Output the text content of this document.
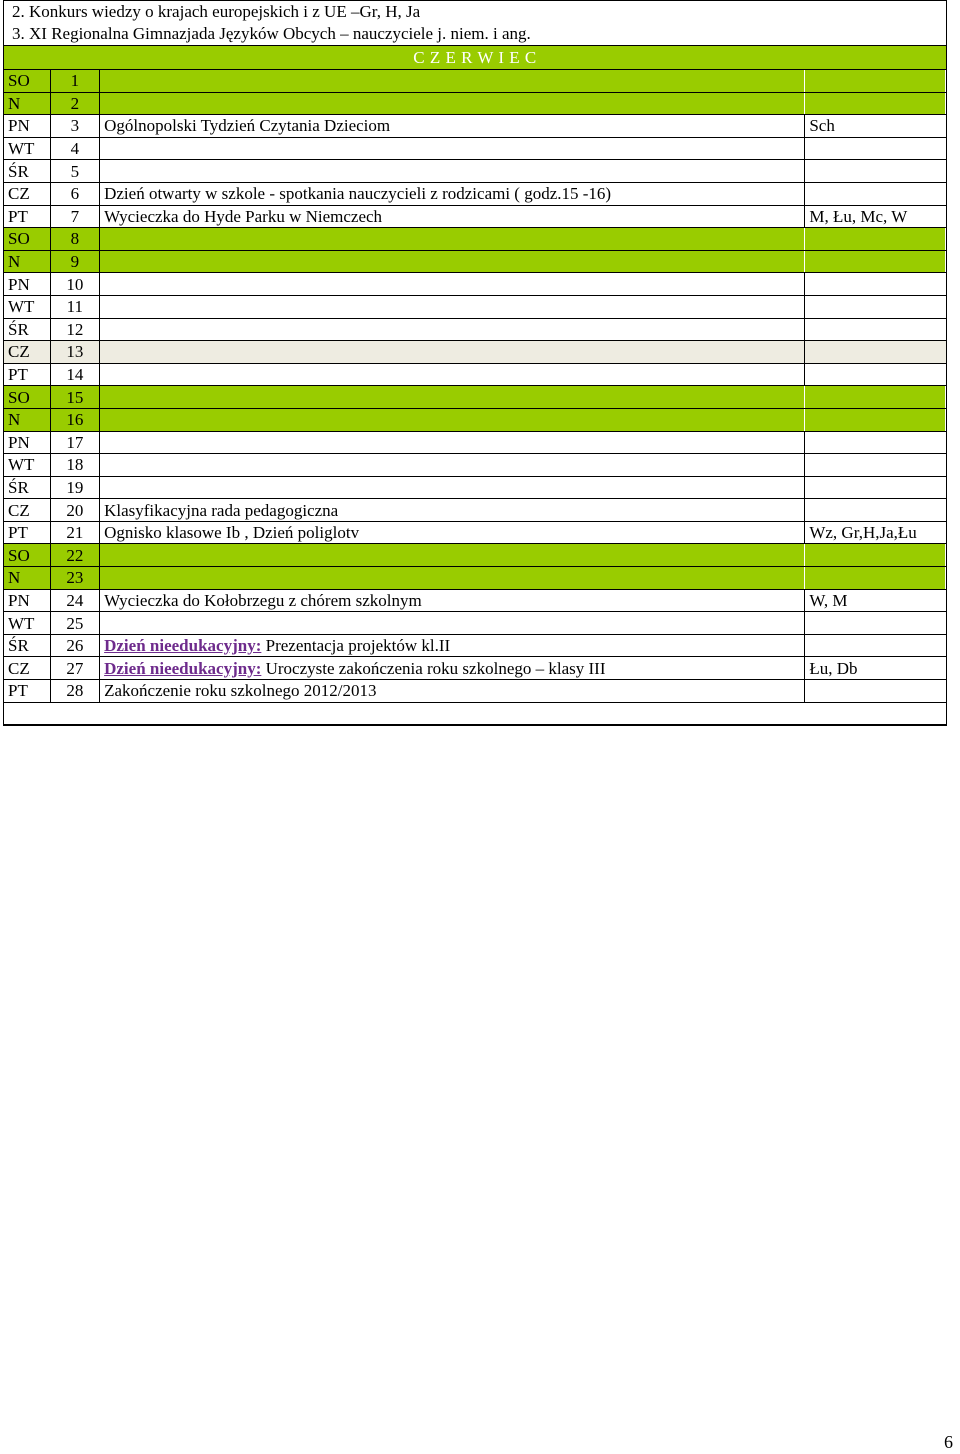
2. Konkurs wiedzy o krajach europejskich i z UE –Gr, H, Ja
3. XI Regionalna Gimnazjada Języków Obcych – nauczyciele j. niem. i ang.
C Z E R W I E C
SO	1		
N	2		
PN	3	Ogólnopolski Tydzień Czytania Dzieciom	Sch
WT	4		
ŚR	5		
CZ	6	Dzień otwarty w szkole - spotkania nauczycieli z rodzicami ( godz.15 -16)	
PT	7	Wycieczka do Hyde Parku w Niemczech	M, Łu, Mc, W
SO	8		
N	9		
PN	10		
WT	11		
ŚR	12		
CZ	13		
PT	14		
SO	15		
N	16		
PN	17		
WT	18		
ŚR	19		
CZ	20	Klasyfikacyjna rada pedagogiczna	
PT	21	Ognisko klasowe Ib , Dzień poliglotv	Wz, Gr,H,Ja,Łu
SO	22		
N	23		
PN	24	Wycieczka do Kołobrzegu z chórem szkolnym	W, M
WT	25		
ŚR	26	Dzień nieedukacyjny: Prezentacja projektów kl.II	
CZ	27	Dzień nieedukacyjny: Uroczyste zakończenia roku szkolnego – klasy III	Łu, Db
PT	28	Zakończenie roku szkolnego 2012/2013	
6
